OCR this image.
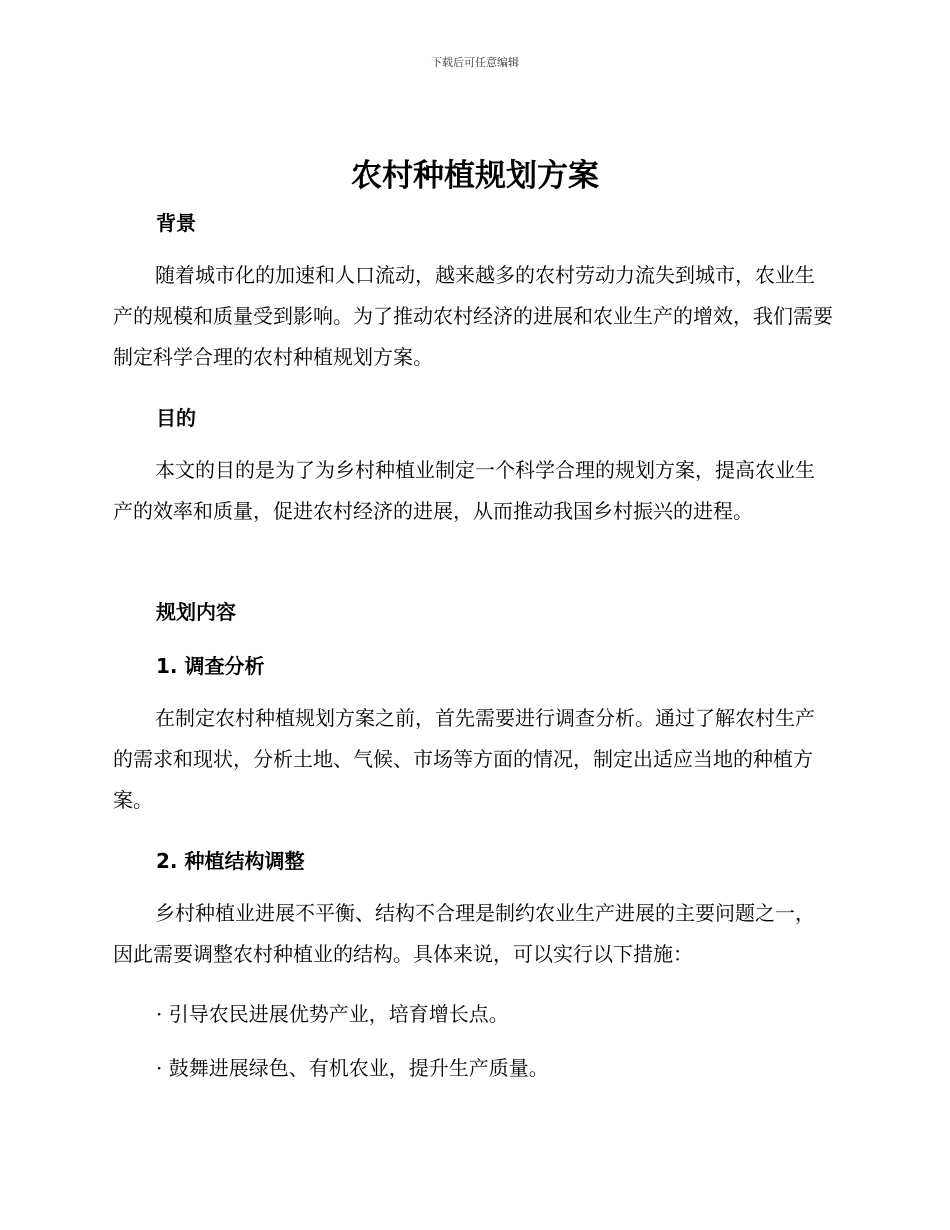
下载后可任意编辑
农村种植规划方案
背景
随着城市化的加速和人口流动，越来越多的农村劳动力流失到城市，农业生产的规模和质量受到影响。为了推动农村经济的进展和农业生产的增效，我们需要制定科学合理的农村种植规划方案。
目的
本文的目的是为了为乡村种植业制定一个科学合理的规划方案，提高农业生产的效率和质量，促进农村经济的进展，从而推动我国乡村振兴的进程。
规划内容
1. 调查分析
在制定农村种植规划方案之前，首先需要进行调查分析。通过了解农村生产的需求和现状，分析土地、气候、市场等方面的情况，制定出适应当地的种植方案。
2. 种植结构调整
乡村种植业进展不平衡、结构不合理是制约农业生产进展的主要问题之一，因此需要调整农村种植业的结构。具体来说，可以实行以下措施：
· 引导农民进展优势产业，培育增长点。
· 鼓舞进展绿色、有机农业，提升生产质量。
